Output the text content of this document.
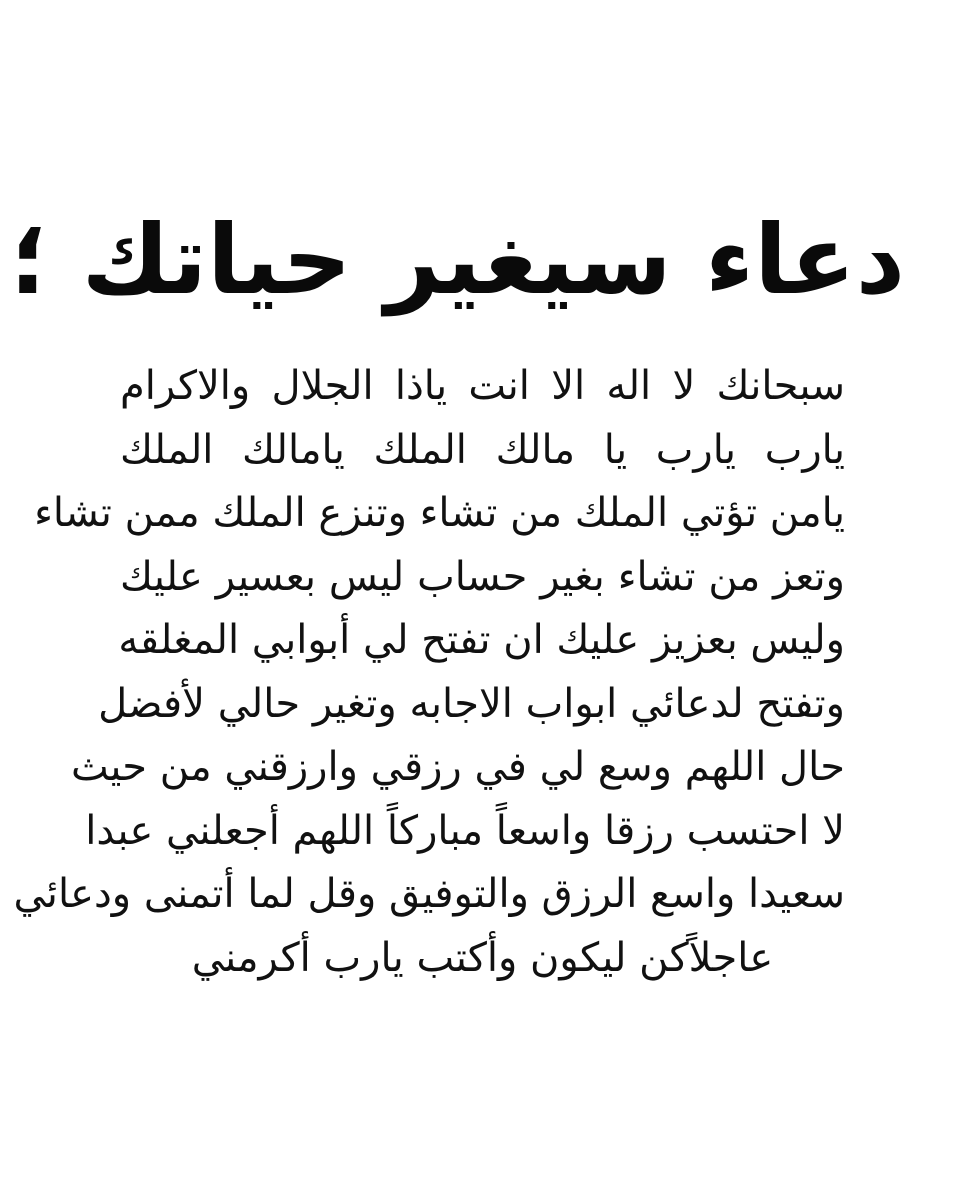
دعاء سيغير حياتك ؛
سبحانك لا اله الا انت ياذا الجلال والاكرام
يارب يارب يا مالك الملك يامالك الملك
يامن تؤتي الملك من تشاء وتنزع الملك ممن تشاء
وتعز من تشاء بغير حساب ليس بعسير عليك
وليس بعزيز عليك ان تفتح لي أبوابي المغلقه
وتفتح لدعائي ابواب الاجابه وتغير حالي لأفضل
حال اللهم وسع لي في رزقي وارزقني من حيث
لا احتسب رزقا واسعاً مباركاً اللهم أجعلني عبدا
سعيدا واسع الرزق والتوفيق وقل لما أتمنى ودعائي
عاجلاًكن ليكون وأكتب يارب أكرمني
